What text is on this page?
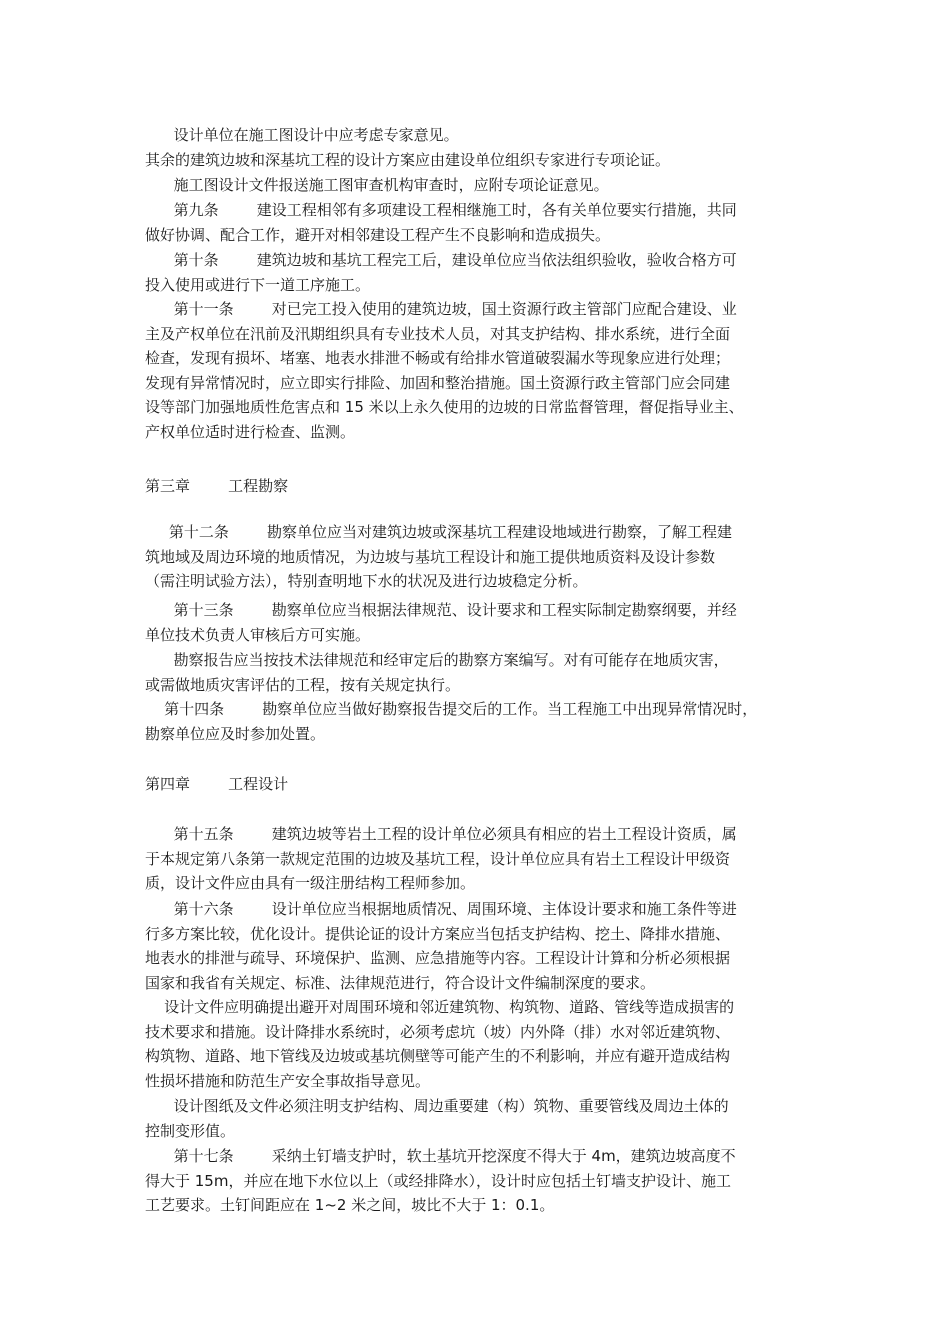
设计单位在施工图设计中应考虑专家意见。
其余的建筑边坡和深基坑工程的设计方案应由建设单位组织专家进行专项论证。
施工图设计文件报送施工图审查机构审查时，应附专项论证意见。
第九条        建设工程相邻有多项建设工程相继施工时，各有关单位要实行措施，共同
做好协调、配合工作，避开对相邻建设工程产生不良影响和造成损失。
第十条        建筑边坡和基坑工程完工后，建设单位应当依法组织验收，验收合格方可
投入使用或进行下一道工序施工。
第十一条        对已完工投入使用的建筑边坡，国土资源行政主管部门应配合建设、业
主及产权单位在汛前及汛期组织具有专业技术人员，对其支护结构、排水系统，进行全面
检查，发现有损坏、堵塞、地表水排泄不畅或有给排水管道破裂漏水等现象应进行处理；
发现有异常情况时，应立即实行排险、加固和整治措施。国土资源行政主管部门应会同建
设等部门加强地质性危害点和 15 米以上永久使用的边坡的日常监督管理，督促指导业主、
产权单位适时进行检查、监测。
第三章        工程勘察
第十二条        勘察单位应当对建筑边坡或深基坑工程建设地域进行勘察，了解工程建
筑地域及周边环境的地质情况，为边坡与基坑工程设计和施工提供地质资料及设计参数
（需注明试验方法），特别查明地下水的状况及进行边坡稳定分析。
第十三条        勘察单位应当根据法律规范、设计要求和工程实际制定勘察纲要，并经
单位技术负责人审核后方可实施。
勘察报告应当按技术法律规范和经审定后的勘察方案编写。对有可能存在地质灾害，
或需做地质灾害评估的工程，按有关规定执行。
第十四条        勘察单位应当做好勘察报告提交后的工作。当工程施工中出现异常情况时，
勘察单位应及时参加处置。
第四章        工程设计
第十五条        建筑边坡等岩土工程的设计单位必须具有相应的岩土工程设计资质，属
于本规定第八条第一款规定范围的边坡及基坑工程，设计单位应具有岩土工程设计甲级资
质，设计文件应由具有一级注册结构工程师参加。
第十六条        设计单位应当根据地质情况、周围环境、主体设计要求和施工条件等进
行多方案比较，优化设计。提供论证的设计方案应当包括支护结构、挖土、降排水措施、
地表水的排泄与疏导、环境保护、监测、应急措施等内容。工程设计计算和分析必须根据
国家和我省有关规定、标准、法律规范进行，符合设计文件编制深度的要求。
设计文件应明确提出避开对周围环境和邻近建筑物、构筑物、道路、管线等造成损害的
技术要求和措施。设计降排水系统时，必须考虑坑（坡）内外降（排）水对邻近建筑物、
构筑物、道路、地下管线及边坡或基坑侧壁等可能产生的不利影响，并应有避开造成结构
性损坏措施和防范生产安全事故指导意见。
设计图纸及文件必须注明支护结构、周边重要建（构）筑物、重要管线及周边土体的
控制变形值。
第十七条        采纳土钉墙支护时，软土基坑开挖深度不得大于 4m，建筑边坡高度不
得大于 15m，并应在地下水位以上（或经排降水），设计时应包括土钉墙支护设计、施工
工艺要求。土钉间距应在 1~2 米之间，坡比不大于 1：0.1。
